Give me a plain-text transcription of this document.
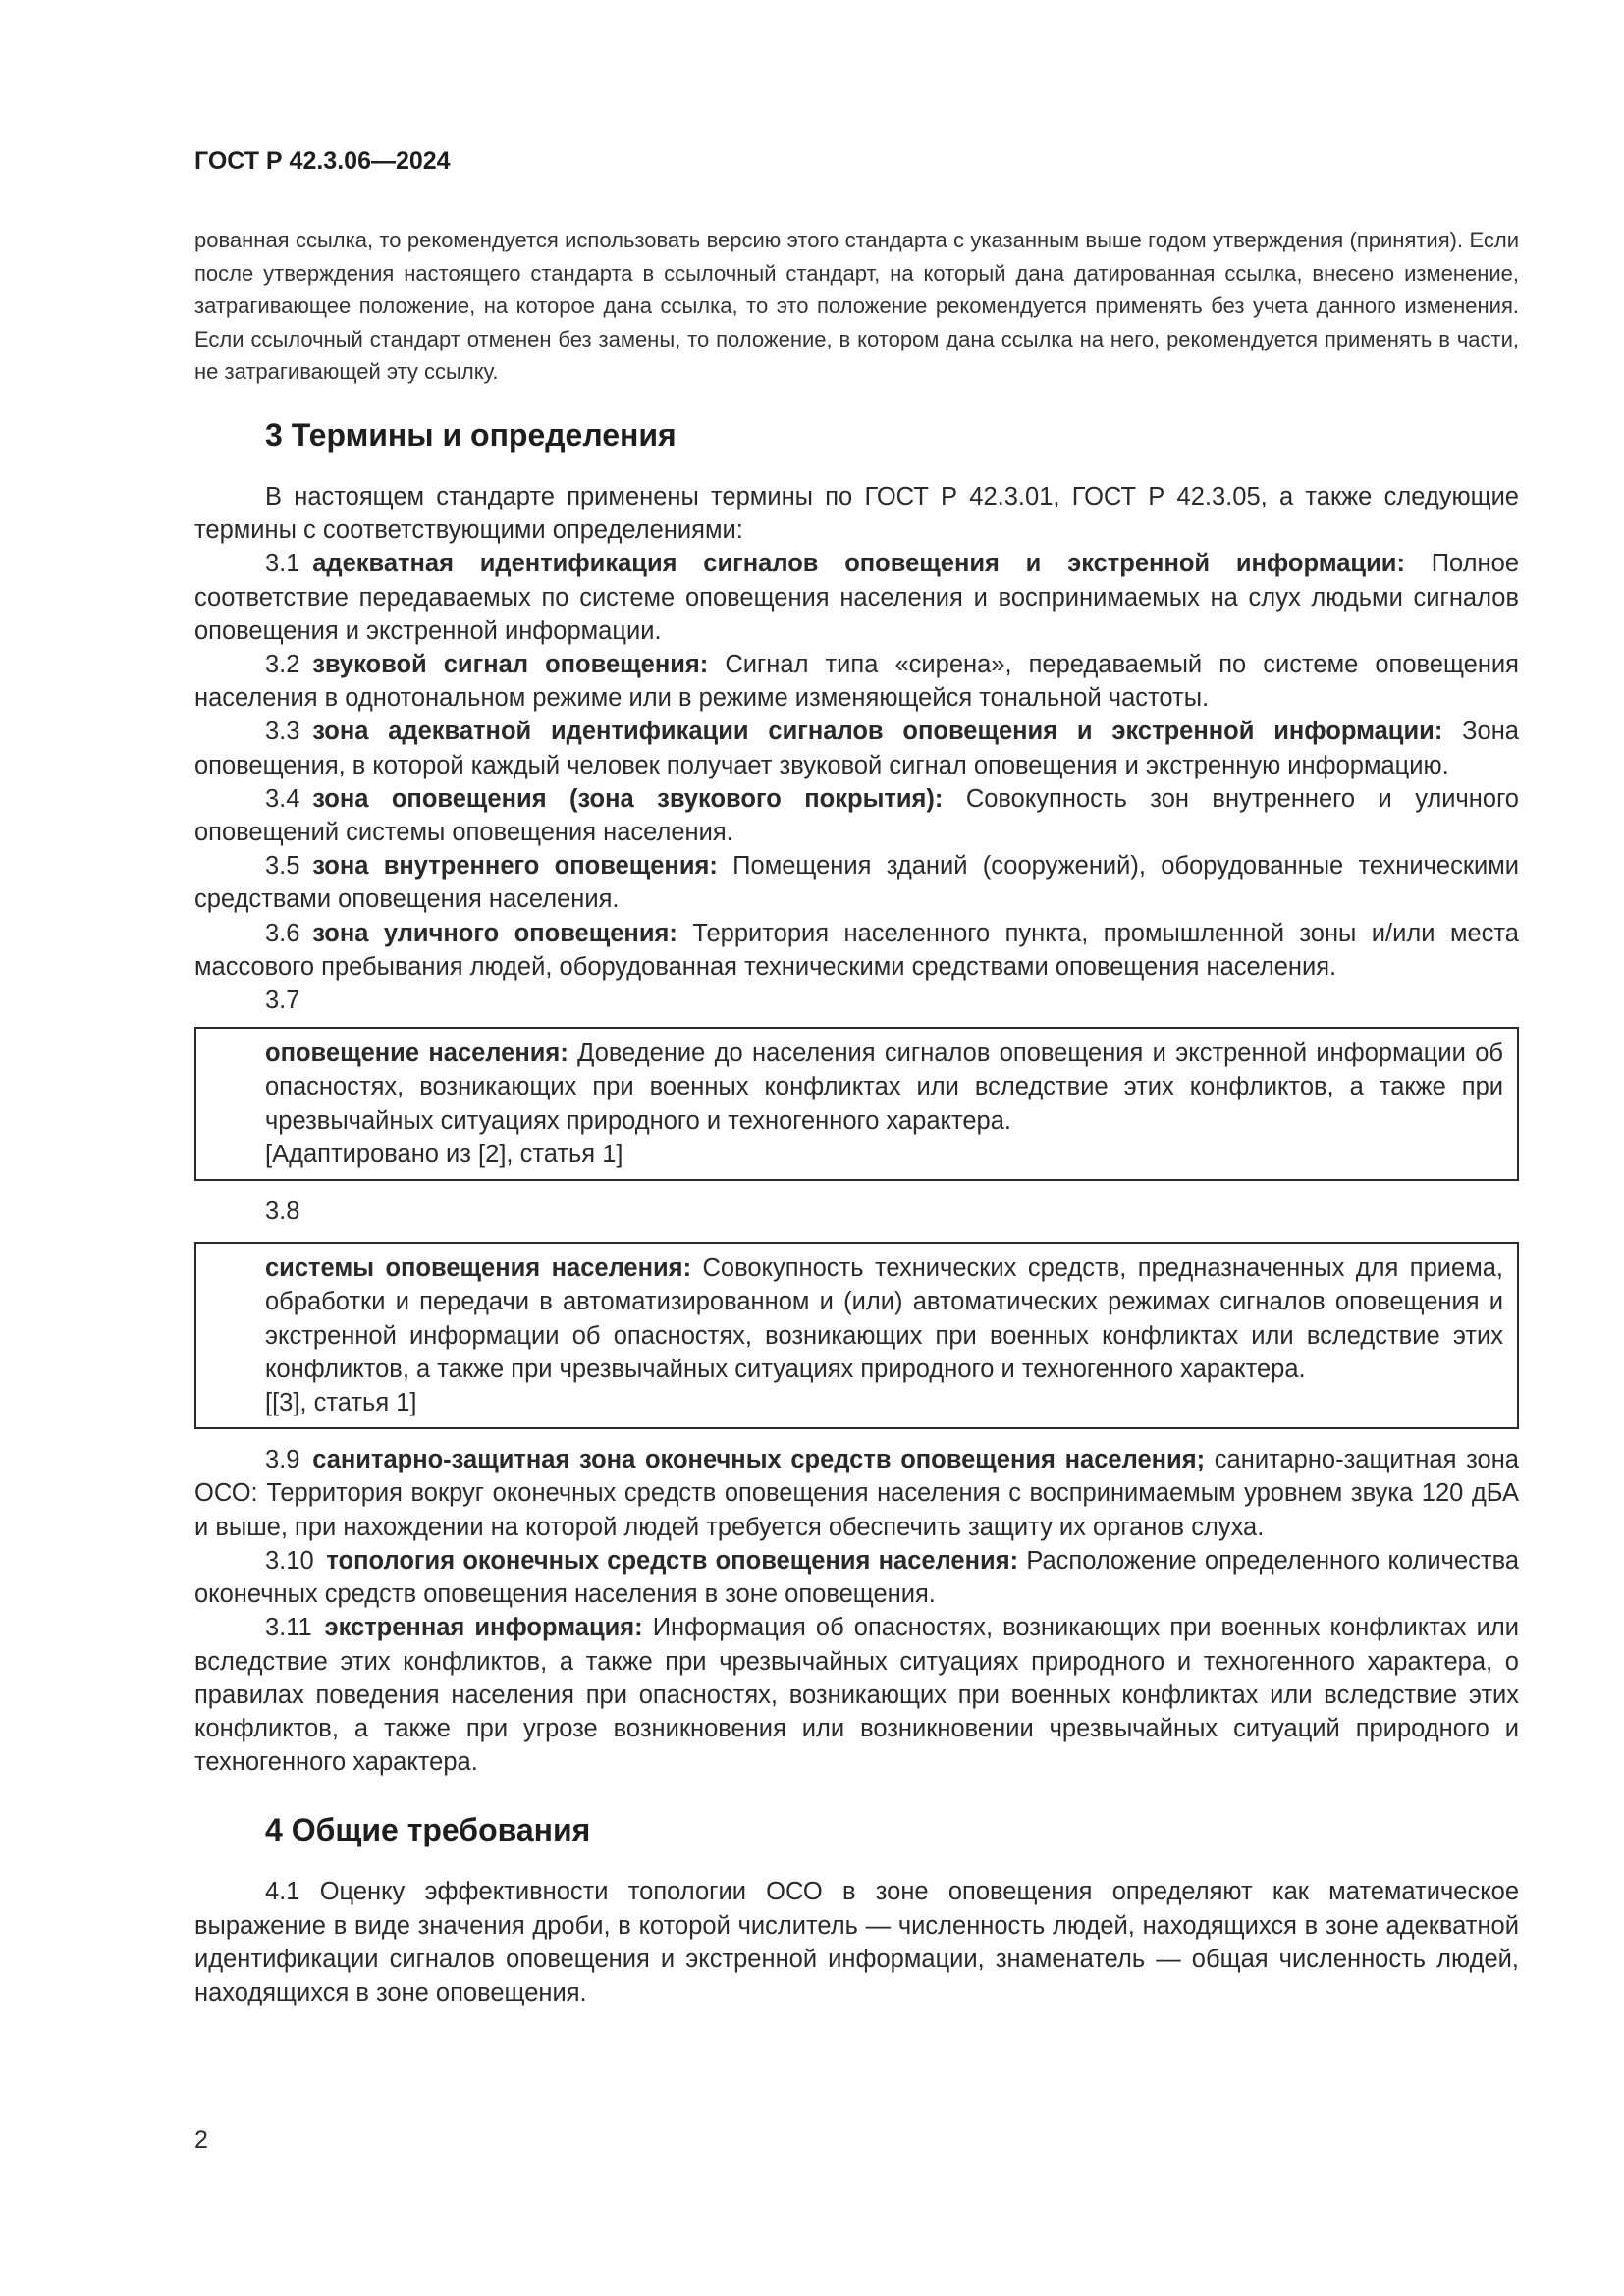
ГОСТ Р 42.3.06—2024

рованная ссылка, то рекомендуется использовать версию этого стандарта с указанным выше годом утверждения (принятия). Если после утверждения настоящего стандарта в ссылочный стандарт, на который дана датированная ссылка, внесено изменение, затрагивающее положение, на которое дана ссылка, то это положение рекомендуется применять без учета данного изменения. Если ссылочный стандарт отменен без замены, то положение, в котором дана ссылка на него, рекомендуется применять в части, не затрагивающей эту ссылку.

3 Термины и определения

В настоящем стандарте применены термины по ГОСТ Р 42.3.01, ГОСТ Р 42.3.05, а также следующие термины с соответствующими определениями:

3.1  адекватная идентификация сигналов оповещения и экстренной информации: Полное соответствие передаваемых по системе оповещения населения и воспринимаемых на слух людьми сигналов оповещения и экстренной информации.

3.2  звуковой сигнал оповещения: Сигнал типа «сирена», передаваемый по системе оповещения населения в однотональном режиме или в режиме изменяющейся тональной частоты.

3.3  зона адекватной идентификации сигналов оповещения и экстренной информации: Зона оповещения, в которой каждый человек получает звуковой сигнал оповещения и экстренную информацию.

3.4  зона оповещения (зона звукового покрытия): Совокупность зон внутреннего и уличного оповещений системы оповещения населения.

3.5  зона внутреннего оповещения: Помещения зданий (сооружений), оборудованные техническими средствами оповещения населения.

3.6  зона уличного оповещения: Территория населенного пункта, промышленной зоны и/или места массового пребывания людей, оборудованная техническими средствами оповещения населения.

3.7

оповещение населения: Доведение до населения сигналов оповещения и экстренной информации об опасностях, возникающих при военных конфликтах или вследствие этих конфликтов, а также при чрезвычайных ситуациях природного и техногенного характера.

[Адаптировано из [2], статья 1]

3.8

системы оповещения населения: Совокупность технических средств, предназначенных для приема, обработки и передачи в автоматизированном и (или) автоматических режимах сигналов оповещения и экстренной информации об опасностях, возникающих при военных конфликтах или вследствие этих конфликтов, а также при чрезвычайных ситуациях природного и техногенного характера.

[[3], статья 1]

3.9  санитарно-защитная зона оконечных средств оповещения населения; санитарно-защитная зона ОСО: Территория вокруг оконечных средств оповещения населения с воспринимаемым уровнем звука 120 дБА и выше, при нахождении на которой людей требуется обеспечить защиту их органов слуха.

3.10  топология оконечных средств оповещения населения: Расположение определенного количества оконечных средств оповещения населения в зоне оповещения.

3.11  экстренная информация: Информация об опасностях, возникающих при военных конфликтах или вследствие этих конфликтов, а также при чрезвычайных ситуациях природного и техногенного характера, о правилах поведения населения при опасностях, возникающих при военных конфликтах или вследствие этих конфликтов, а также при угрозе возникновения или возникновении чрезвычайных ситуаций природного и техногенного характера.

4 Общие требования

4.1 Оценку эффективности топологии ОСО в зоне оповещения определяют как математическое выражение в виде значения дроби, в которой числитель — численность людей, находящихся в зоне адекватной идентификации сигналов оповещения и экстренной информации, знаменатель — общая численность людей, находящихся в зоне оповещения.

2
